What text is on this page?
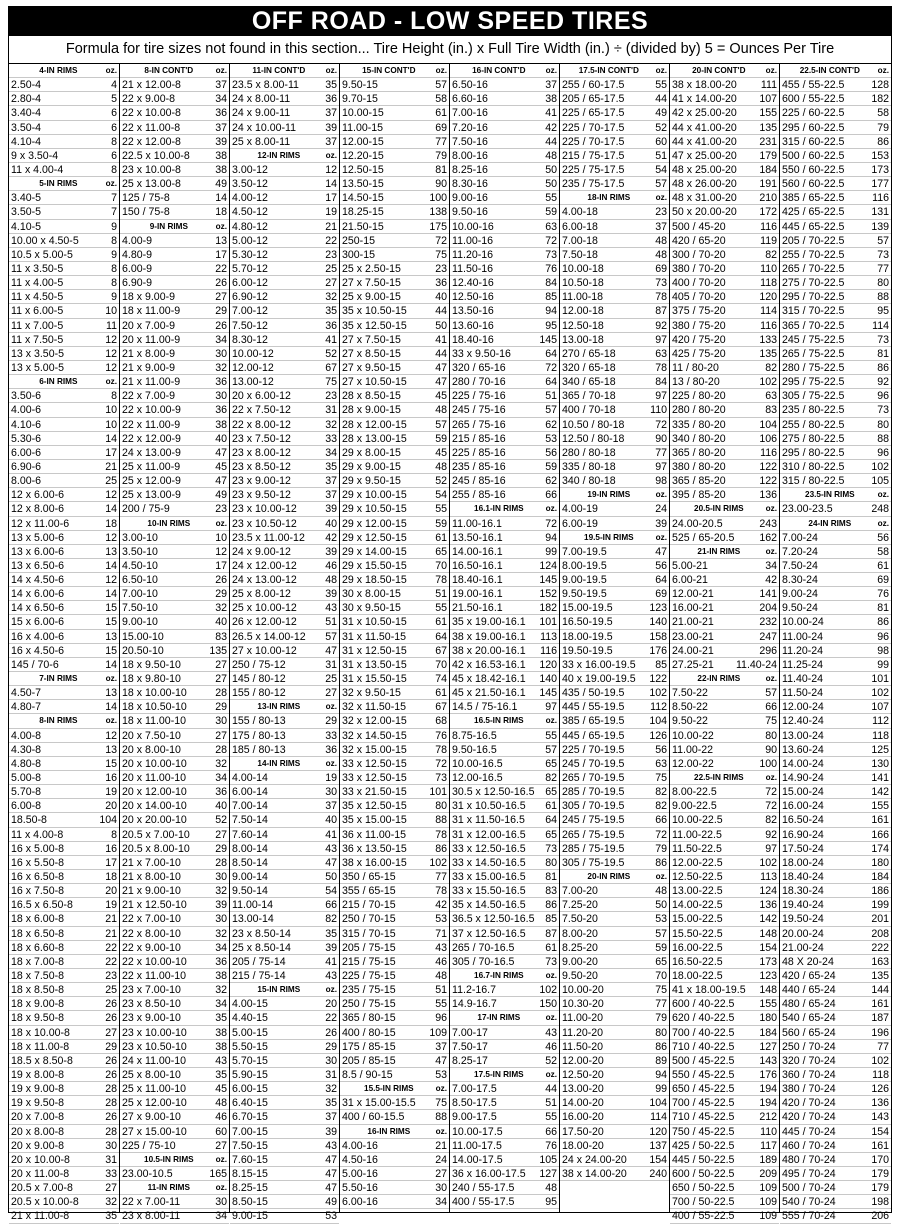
OFF ROAD - LOW SPEED TIRES
Formula for tire sizes not found in this section... Tire Height (in.) x Full Tire Width (in.) ÷ (divided by) 5 = Ounces Per Tire
4-IN RIMS	oz.
2.50-4	4
2.80-4	5
3.40-4	6
3.50-4	6
4.10-4	8
9 x 3.50-4	6
11 x 4.00-4	8
5-IN RIMS	oz.
3.40-5	7
3.50-5	7
4.10-5	9
10.00 x 4.50-5	8
10.5 x 5.00-5	9
11 x 3.50-5	8
11 x 4.00-5	8
11 x 4.50-5	9
11 x 6.00-5	10
11 x 7.00-5	11
11 x 7.50-5	12
13 x 3.50-5	12
13 x 5.00-5	12
6-IN RIMS	oz.
3.50-6	8
4.00-6	10
4.10-6	10
5.30-6	14
6.00-6	17
6.90-6	21
8.00-6	25
12 x 6.00-6	12
12 x 8.00-6	14
12 x 11.00-6	18
13 x 5.00-6	12
13 x 6.00-6	13
13 x 6.50-6	14
14 x 4.50-6	12
14 x 6.00-6	14
14 x 6.50-6	15
15 x 6.00-6	15
16 x 4.00-6	13
16 x 4.50-6	15
145 / 70-6	14
7-IN RIMS	oz.
4.50-7	13
4.80-7	14
8-IN RIMS	oz.
4.00-8	12
4.30-8	13
4.80-8	15
5.00-8	16
5.70-8	19
6.00-8	20
18.50-8	104
11 x 4.00-8	8
16 x 5.00-8	16
16 x 5.50-8	17
16 x 6.50-8	18
16 x 7.50-8	20
16.5 x 6.50-8	19
18 x 6.00-8	21
18 x 6.50-8	21
18 x 6.60-8	22
18 x 7.00-8	22
18 x 7.50-8	23
18 x 8.50-8	25
18 x 9.00-8	26
18 x 9.50-8	26
18 x 10.00-8	27
18 x 11.00-8	29
18.5 x 8.50-8	26
19 x 8.00-8	26
19 x 9.00-8	28
19 x 9.50-8	28
20 x 7.00-8	26
20 x 8.00-8	28
20 x 9.00-8	30
20 x 10.00-8	31
20 x 11.00-8	33
20.5 x 7.00-8	27
20.5 x 10.00-8	32
21 x 11.00-8	35
8-IN CONT'D	oz.
21 x 12.00-8	37
22 x 9.00-8	34
22 x 10.00-8	36
22 x 11.00-8	37
22 x 12.00-8	39
22.5 x 10.00-8	38
23 x 10.00-8	38
25 x 13.00-8	49
125 / 75-8	14
150 / 75-8	18
9-IN RIMS	oz.
4.00-9	13
4.80-9	17
6.00-9	22
6.90-9	26
18 x 9.00-9	27
18 x 11.00-9	29
20 x 7.00-9	26
20 x 11.00-9	34
21 x 8.00-9	30
21 x 9.00-9	32
21 x 11.00-9	36
22 x 7.00-9	30
22 x 10.00-9	36
22 x 11.00-9	38
22 x 12.00-9	40
24 x 13.00-9	47
25 x 11.00-9	45
25 x 12.00-9	47
25 x 13.00-9	49
200 / 75-9	23
10-IN RIMS	oz.
3.00-10	10
3.50-10	12
4.50-10	17
6.50-10	26
7.00-10	29
7.50-10	32
9.00-10	40
15.00-10	83
20.50-10	135
18 x 9.50-10	27
18 x 9.80-10	27
18 x 10.00-10	28
18 x 10.50-10	29
18 x 11.00-10	30
20 x 7.50-10	27
20 x 8.00-10	28
20 x 10.00-10	32
20 x 11.00-10	34
20 x 12.00-10	36
20 x 14.00-10	40
20 x 20.00-10	52
20.5 x 7.00-10	27
20.5 x 8.00-10	29
21 x 7.00-10	28
21 x 8.00-10	30
21 x 9.00-10	32
21 x 12.50-10	39
22 x 7.00-10	30
22 x 8.00-10	32
22 x 9.00-10	34
22 x 10.00-10	36
22 x 11.00-10	38
23 x 7.00-10	32
23 x 8.50-10	34
23 x 9.00-10	35
23 x 10.00-10	38
23 x 10.50-10	38
24 x 11.00-10	43
25 x 8.00-10	35
25 x 11.00-10	45
25 x 12.00-10	48
27 x 9.00-10	46
27 x 15.00-10	60
225 / 75-10	27
10.5-IN RIMS	oz.
23.00-10.5	165
11-IN RIMS	oz.
22 x 7.00-11	30
23 x 8.00-11	34
11-IN CONT'D	oz.
23.5 x 8.00-11	35
24 x 8.00-11	36
24 x 9.00-11	37
24 x 10.00-11	39
25 x 8.00-11	37
12-IN RIMS	oz.
3.00-12	12
3.50-12	14
4.00-12	17
4.50-12	19
4.80-12	21
5.00-12	22
5.30-12	23
5.70-12	25
6.00-12	27
6.90-12	32
7.00-12	35
7.50-12	36
8.30-12	41
10.00-12	52
12.00-12	67
13.00-12	75
20 x 6.00-12	23
22 x 7.50-12	31
22 x 8.00-12	32
23 x 7.50-12	33
23 x 8.00-12	34
23 x 8.50-12	35
23 x 9.00-12	37
23 x 9.50-12	37
23 x 10.00-12	39
23 x 10.50-12	40
23.5 x 11.00-12	42
24 x 9.00-12	39
24 x 12.00-12	46
24 x 13.00-12	48
25 x 8.00-12	39
25 x 10.00-12	43
26 x 12.00-12	51
26.5 x 14.00-12	57
27 x 10.00-12	47
250 / 75-12	31
145 / 80-12	25
155 / 80-12	27
13-IN RIMS	oz.
155 / 80-13	29
175 / 80-13	33
185 / 80-13	36
14-IN RIMS	oz.
4.00-14	19
6.00-14	30
7.00-14	37
7.50-14	40
7.60-14	41
8.00-14	43
8.50-14	47
9.00-14	50
9.50-14	54
11.00-14	66
13.00-14	82
23 x 8.50-14	35
25 x 8.50-14	39
205 / 75-14	41
215 / 75-14	43
15-IN RIMS	oz.
4.00-15	20
4.40-15	22
5.00-15	26
5.50-15	29
5.70-15	30
5.90-15	31
6.00-15	32
6.40-15	35
6.70-15	37
7.00-15	39
7.50-15	43
7.60-15	47
8.15-15	47
8.25-15	47
8.50-15	49
9.00-15	53
15-IN CONT'D	oz.
9.50-15	57
9.70-15	58
10.00-15	61
11.00-15	69
12.00-15	77
12.20-15	79
12.50-15	81
13.50-15	90
14.50-15	100
18.25-15	138
21.50-15	175
250-15	72
300-15	75
25 x 2.50-15	23
27 x 7.50-15	36
25 x 9.00-15	40
35 x 10.50-15	44
35 x 12.50-15	50
27 x 7.50-15	41
27 x 8.50-15	44
27 x 9.50-15	47
27 x 10.50-15	47
28 x 8.50-15	45
28 x 9.00-15	48
28 x 12.00-15	57
28 x 13.00-15	59
29 x 8.00-15	45
29 x 9.00-15	48
29 x 9.50-15	52
29 x 10.00-15	54
29 x 10.50-15	55
29 x 12.00-15	59
29 x 12.50-15	61
29 x 14.00-15	65
29 x 15.50-15	70
29 x 18.50-15	78
30 x 8.00-15	51
30 x 9.50-15	55
31 x 10.50-15	61
31 x 11.50-15	64
31 x 12.50-15	67
31 x 13.50-15	70
31 x 15.50-15	74
32 x 9.50-15	61
32 x 11.50-15	67
32 x 12.00-15	68
32 x 14.50-15	76
32 x 15.00-15	78
33 x 12.50-15	72
33 x 12.50-15	73
33 x 21.50-15	101
35 x 12.50-15	80
35 x 15.00-15	88
36 x 11.00-15	78
36 x 13.50-15	86
38 x 16.00-15	102
350 / 65-15	77
355 / 65-15	78
215 / 70-15	42
250 / 70-15	53
315 / 70-15	71
205 / 75-15	43
215 / 75-15	46
225 / 75-15	48
235 / 75-15	51
250 / 75-15	55
365 / 80-15	96
400 / 80-15	109
175 / 85-15	37
205 / 85-15	47
8.5 / 90-15	53
15.5-IN RIMS	oz.
31 x 15.00-15.5	75
400 / 60-15.5	88
16-IN RIMS	oz.
4.00-16	21
4.50-16	24
5.00-16	27
5.50-16	30
6.00-16	34
16-IN CONT'D	oz.
6.50-16	37
6.60-16	38
7.00-16	41
7.20-16	42
7.50-16	44
8.00-16	48
8.25-16	50
8.30-16	50
9.00-16	55
9.50-16	59
10.00-16	63
11.00-16	72
11.20-16	73
11.50-16	76
12.40-16	84
12.50-16	85
13.50-16	94
13.60-16	95
18.40-16	145
33 x 9.50-16	64
320 / 65-16	72
280 / 70-16	64
225 / 75-16	51
245 / 75-16	57
265 / 75-16	62
215 / 85-16	53
225 / 85-16	56
235 / 85-16	59
245 / 85-16	62
255 / 85-16	66
16.1-IN RIMS	oz.
11.00-16.1	72
13.50-16.1	94
14.00-16.1	99
16.50-16.1	124
18.40-16.1	145
19.00-16.1	152
21.50-16.1	182
35 x 19.00-16.1	101
38 x 19.00-16.1	113
38 x 20.00-16.1	116
42 x 16.53-16.1	120
45 x 18.42-16.1	140
45 x 21.50-16.1	145
14.5 / 75-16.1	97
16.5-IN RIMS	oz.
8.75-16.5	55
9.50-16.5	57
10.00-16.5	65
12.00-16.5	82
30.5 x 12.50-16.5	65
31 x 10.50-16.5	61
31 x 11.50-16.5	64
31 x 12.00-16.5	65
33 x 12.50-16.5	73
33 x 14.50-16.5	80
33 x 15.00-16.5	81
33 x 15.50-16.5	83
35 x 14.50-16.5	86
36.5 x 12.50-16.5	85
37 x 12.50-16.5	87
265 / 70-16.5	61
305 / 70-16.5	73
16.7-IN RIMS	oz.
11.2-16.7	102
14.9-16.7	150
17-IN RIMS	oz.
7.00-17	43
7.50-17	46
8.25-17	52
17.5-IN RIMS	oz.
7.00-17.5	44
8.50-17.5	51
9.00-17.5	55
10.00-17.5	66
11.00-17.5	76
14.00-17.5	105
36 x 16.00-17.5	127
240 / 55-17.5	48
400 / 55-17.5	95
17.5-IN CONT'D	oz.
255 / 60-17.5	55
205 / 65-17.5	44
225 / 65-17.5	49
225 / 70-17.5	52
225 / 70-17.5	60
215 / 75-17.5	51
225 / 75-17.5	54
235 / 75-17.5	57
18-IN RIMS	oz.
4.00-18	23
6.00-18	37
7.00-18	48
7.50-18	48
10.00-18	69
10.50-18	73
11.00-18	78
12.00-18	87
12.50-18	92
13.00-18	97
270 / 65-18	63
320 / 65-18	78
340 / 65-18	84
365 / 70-18	97
400 / 70-18	110
10.50 / 80-18	72
12.50 / 80-18	90
280 / 80-18	77
335 / 80-18	97
340 / 80-18	98
19-IN RIMS	oz.
4.00-19	24
6.00-19	39
19.5-IN RIMS	oz.
7.00-19.5	47
8.00-19.5	56
9.00-19.5	64
9.50-19.5	69
15.00-19.5	123
16.50-19.5	140
18.00-19.5	158
19.50-19.5	176
33 x 16.00-19.5	85
40 x 19.00-19.5	122
435 / 50-19.5	102
445 / 55-19.5	112
385 / 65-19.5	104
445 / 65-19.5	126
225 / 70-19.5	56
245 / 70-19.5	63
265 / 70-19.5	75
285 / 70-19.5	82
305 / 70-19.5	82
245 / 75-19.5	66
265 / 75-19.5	72
285 / 75-19.5	79
305 / 75-19.5	86
20-IN RIMS	oz.
7.00-20	48
7.25-20	50
7.50-20	53
8.00-20	57
8.25-20	59
9.00-20	65
9.50-20	70
10.00-20	75
10.30-20	77
11.00-20	79
11.20-20	80
11.50-20	86
12.00-20	89
12.50-20	94
13.00-20	99
14.00-20	104
16.00-20	114
17.50-20	120
18.00-20	137
24 x 24.00-20	154
38 x 14.00-20	240
20-IN CONT'D	oz.
38 x 18.00-20	111
41 x 14.00-20	107
42 x 25.00-20	155
44 x 41.00-20	135
44 x 41.00-20	231
47 x 25.00-20	179
48 x 25.00-20	184
48 x 26.00-20	191
48 x 31.00-20	210
50 x 20.00-20	172
500 / 45-20	116
420 / 65-20	119
300 / 70-20	82
380 / 70-20	110
400 / 70-20	118
405 / 70-20	120
375 / 75-20	114
380 / 75-20	116
420 / 75-20	133
425 / 75-20	135
11 / 80-20	82
13 / 80-20	102
225 / 80-20	63
280 / 80-20	83
335 / 80-20	104
340 / 80-20	106
365 / 80-20	116
380 / 80-20	122
365 / 85-20	122
395 / 85-20	136
20.5-IN RIMS	oz.
24.00-20.5	243
525 / 65-20.5	162
21-IN RIMS	oz.
5.00-21	34
6.00-21	42
12.00-21	141
16.00-21	204
21.00-21	232
23.00-21	247
24.00-21	296
27.25-21	11.40-24
22-IN RIMS	oz.
7.50-22	57
8.50-22	66
9.50-22	75
10.00-22	80
11.00-22	90
12.00-22	100
22.5-IN RIMS	oz.
8.00-22.5	72
9.00-22.5	72
10.00-22.5	82
11.00-22.5	92
11.50-22.5	97
12.00-22.5	102
12.50-22.5	113
13.00-22.5	124
14.00-22.5	136
15.00-22.5	142
15.50-22.5	148
16.00-22.5	154
16.50-22.5	173
18.00-22.5	123
41 x 18.00-19.5	148
600 / 40-22.5	155
620 / 40-22.5	180
700 / 40-22.5	184
710 / 40-22.5	127
500 / 45-22.5	143
550 / 45-22.5	176
650 / 45-22.5	194
700 / 45-22.5	194
710 / 45-22.5	212
750 / 45-22.5	110
425 / 50-22.5	117
445 / 50-22.5	189
600 / 50-22.5	209
650 / 50-22.5	109
700 / 50-22.5	109
400 / 55-22.5	109
22.5-IN CONT'D	oz.
455 / 55-22.5	128
600 / 55-22.5	182
225 / 60-22.5	58
295 / 60-22.5	79
315 / 60-22.5	86
500 / 60-22.5	153
550 / 60-22.5	173
560 / 60-22.5	177
385 / 65-22.5	116
425 / 65-22.5	131
445 / 65-22.5	139
205 / 70-22.5	57
255 / 70-22.5	73
265 / 70-22.5	77
275 / 70-22.5	80
295 / 70-22.5	88
315 / 70-22.5	95
365 / 70-22.5	114
245 / 75-22.5	73
265 / 75-22.5	81
280 / 75-22.5	86
295 / 75-22.5	92
305 / 75-22.5	96
235 / 80-22.5	73
255 / 80-22.5	80
275 / 80-22.5	88
295 / 80-22.5	96
310 / 80-22.5	102
315 / 80-22.5	105
23.5-IN RIMS	oz.
23.00-23.5	248
24-IN RIMS	oz.
7.00-24	56
7.20-24	58
7.50-24	61
8.30-24	69
9.00-24	76
9.50-24	81
10.00-24	86
11.00-24	96
11.20-24	98
11.25-24	99
11.40-24	101
11.50-24	102
12.00-24	107
12.40-24	112
13.00-24	118
13.60-24	125
14.00-24	130
14.90-24	141
15.00-24	142
16.00-24	155
16.50-24	161
16.90-24	166
17.50-24	174
18.00-24	180
18.40-24	184
18.30-24	186
19.40-24	199
19.50-24	201
20.00-24	208
21.00-24	222
48 X 20-24	163
420 / 65-24	135
440 / 65-24	144
480 / 65-24	161
540 / 65-24	187
560 / 65-24	196
250 / 70-24	77
320 / 70-24	102
360 / 70-24	118
380 / 70-24	126
420 / 70-24	136
420 / 70-24	143
445 / 70-24	154
460 / 70-24	161
480 / 70-24	170
495 / 70-24	179
500 / 70-24	179
540 / 70-24	198
555 / 70-24	206
